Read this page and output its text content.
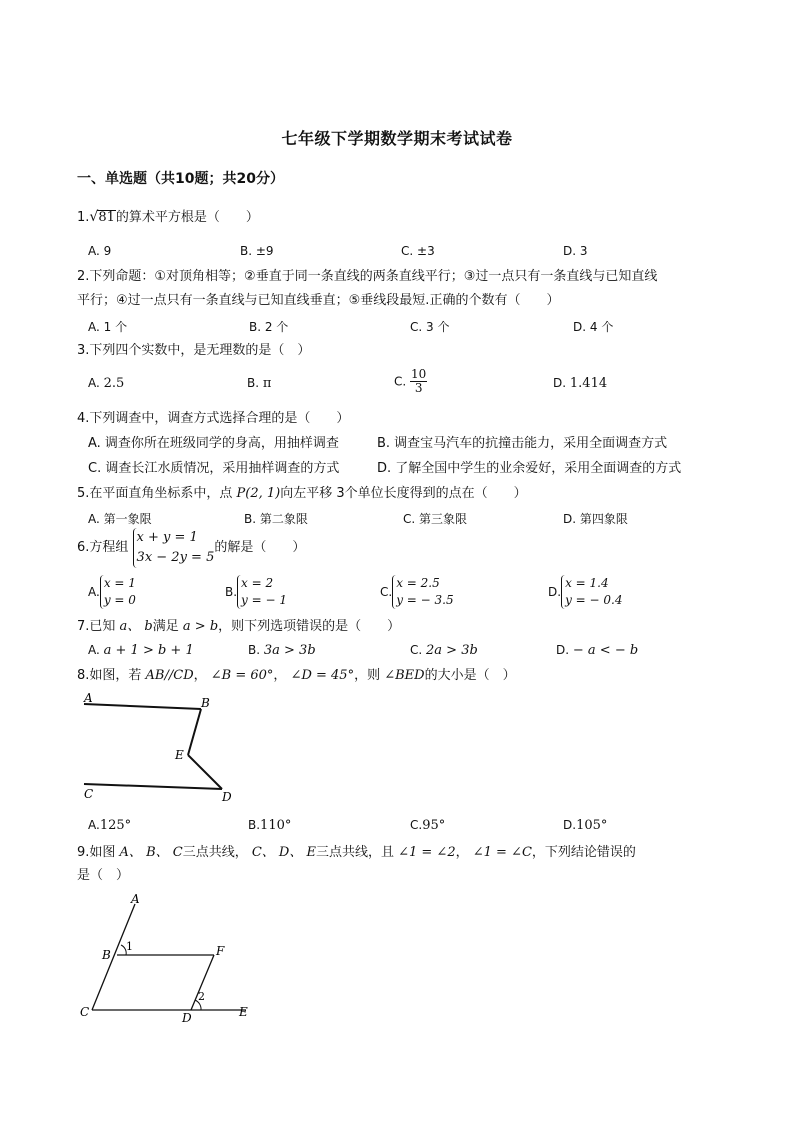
七年级下学期数学期末考试试卷
一、单选题（共10题；共20分）
1.√81的算术平方根是（　　）
A. 9	B. ±9	C. ±3	D. 3
2.下列命题：①对顶角相等；②垂直于同一条直线的两条直线平行；③过一点只有一条直线与已知直线
平行；④过一点只有一条直线与已知直线垂直；⑤垂线段最短.正确的个数有（　　）
A. 1 个	B. 2 个	C. 3 个	D. 4 个
3.下列四个实数中，是无理数的是（　）
A. 2.5	B. π	C. $\frac{10}{3}$	D. 1.414
4.下列调查中，调查方式选择合理的是（　　）
A. 调查你所在班级同学的身高，用抽样调查	B. 调查宝马汽车的抗撞击能力，采用全面调查方式
C. 调查长江水质情况，采用抽样调查的方式	D. 了解全国中学生的业余爱好，采用全面调查的方式
5.在平面直角坐标系中，点 P(2, 1)向左平移 3个单位长度得到的点在（　　）
A. 第一象限	B. 第二象限	C. 第三象限	D. 第四象限
6.方程组
x + y = 1
3x − 2y = 5
的解是（　　）
A.
x = 1
y = 0
B.
x = 2
y = − 1
C.
x = 2.5
y = − 3.5
D.
x = 1.4
y = − 0.4
7.已知 a、 b满足 a > b，则下列选项错误的是（　　）
A. a + 1 > b + 1	B. 3a > 3b	C. 2a > 3b	D. − a < − b
8.如图，若 AB//CD， ∠B = 60°， ∠D = 45°，则 ∠BED的大小是（　）
A	B
E
C	D
A.125°	B.110°	C.95°	D.105°
9.如图 A、 B、 C三点共线， C、 D、 E三点共线，且 ∠1 = ∠2， ∠1 = ∠C，下列结论错误的
是（　）
A
B
1	F
2
C	D	E
